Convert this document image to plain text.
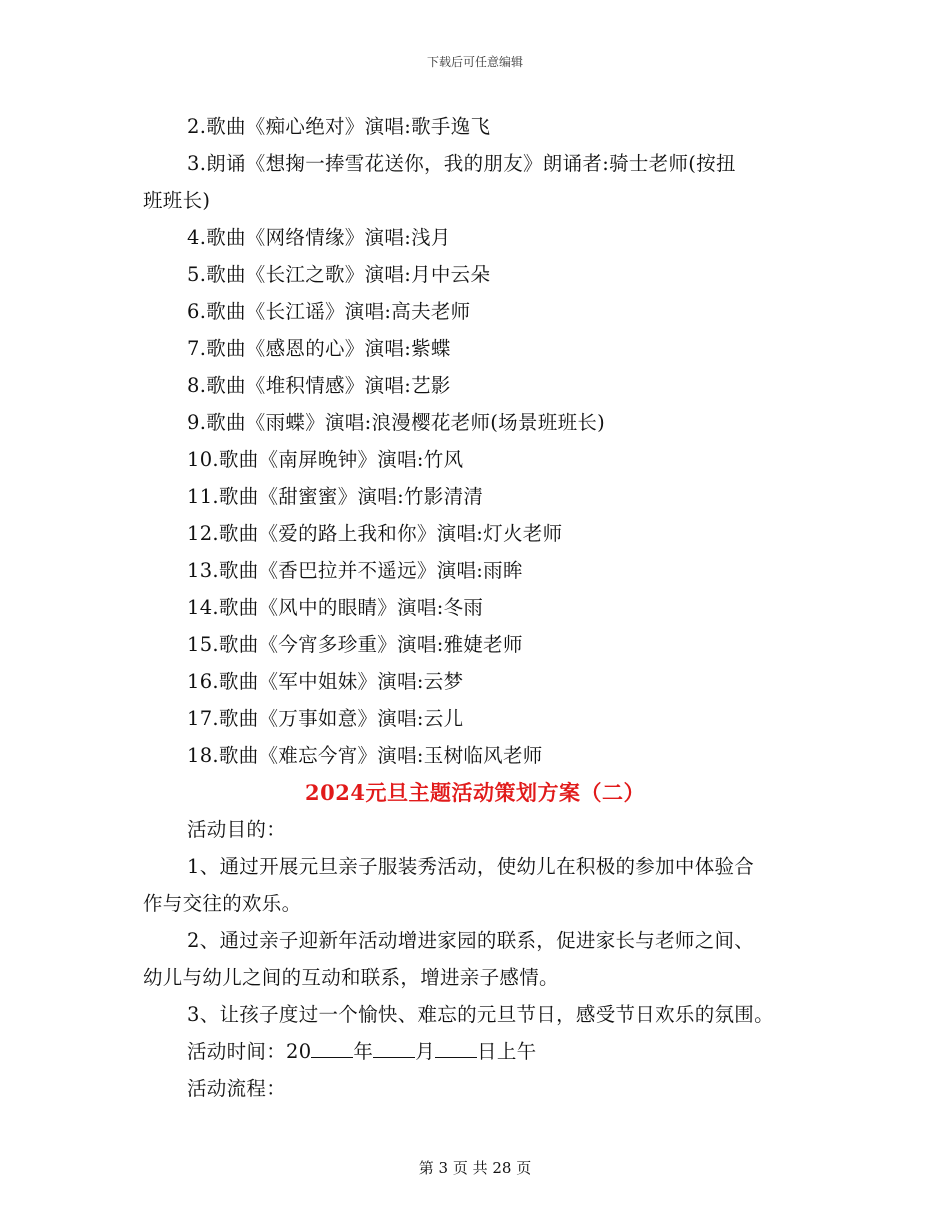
下载后可任意编辑
2.歌曲《痴心绝对》演唱:歌手逸飞
3.朗诵《想掬一捧雪花送你，我的朋友》朗诵者:骑士老师(按扭
班班长)
4.歌曲《网络情缘》演唱:浅月
5.歌曲《长江之歌》演唱:月中云朵
6.歌曲《长江谣》演唱:高夫老师
7.歌曲《感恩的心》演唱:紫蝶
8.歌曲《堆积情感》演唱:艺影
9.歌曲《雨蝶》演唱:浪漫樱花老师(场景班班长)
10.歌曲《南屏晚钟》演唱:竹风
11.歌曲《甜蜜蜜》演唱:竹影清清
12.歌曲《爱的路上我和你》演唱:灯火老师
13.歌曲《香巴拉并不遥远》演唱:雨眸
14.歌曲《风中的眼睛》演唱:冬雨
15.歌曲《今宵多珍重》演唱:雅婕老师
16.歌曲《军中姐妹》演唱:云梦
17.歌曲《万事如意》演唱:云儿
18.歌曲《难忘今宵》演唱:玉树临风老师
2024元旦主题活动策划方案（二）
活动目的：
1、通过开展元旦亲子服装秀活动，使幼儿在积极的参加中体验合
作与交往的欢乐。
2、通过亲子迎新年活动增进家园的联系，促进家长与老师之间、
幼儿与幼儿之间的互动和联系，增进亲子感情。
3、让孩子度过一个愉快、难忘的元旦节日，感受节日欢乐的氛围。
活动时间：20 年 月 日上午
活动流程：
第 3 页 共 28 页
